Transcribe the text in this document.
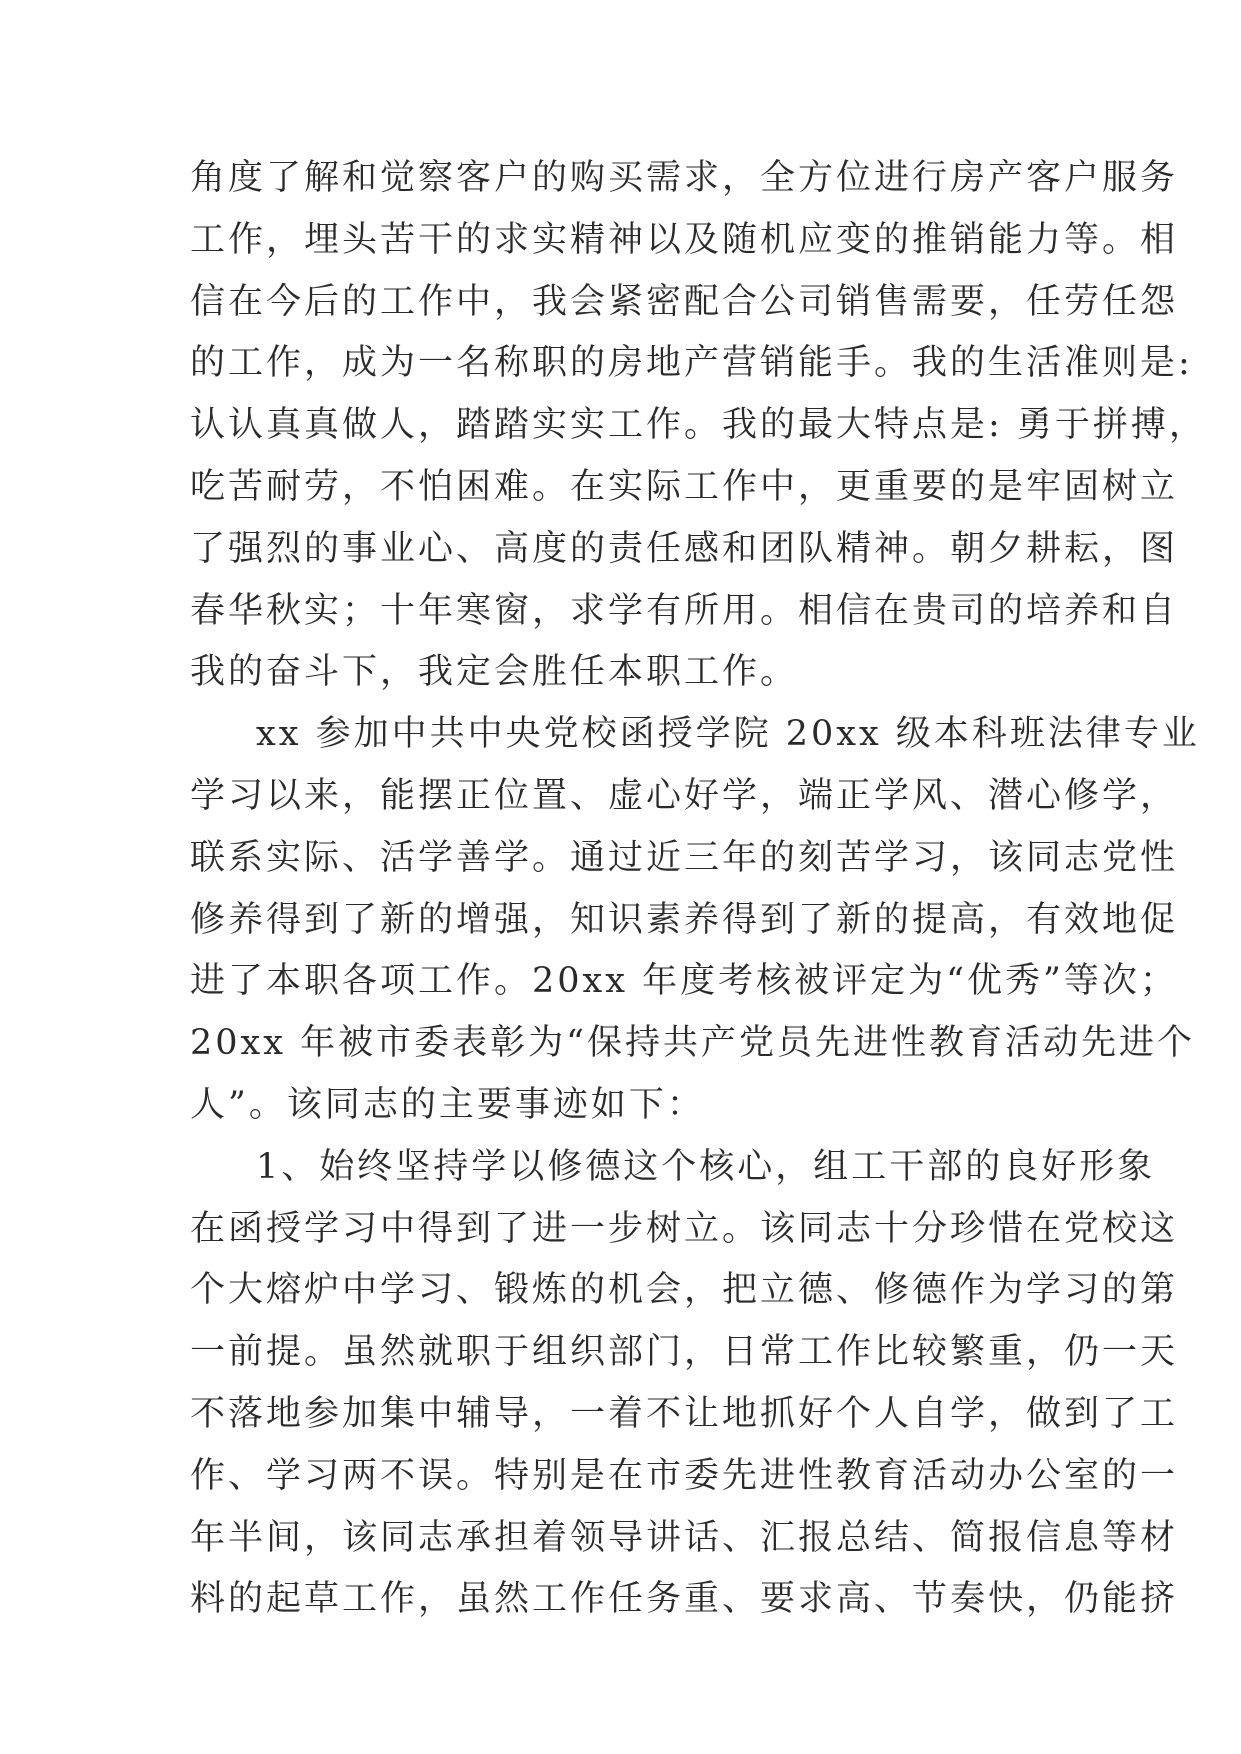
角度了解和觉察客户的购买需求，全方位进行房产客户服务
工作，埋头苦干的求实精神以及随机应变的推销能力等。相
信在今后的工作中，我会紧密配合公司销售需要，任劳任怨
的工作，成为一名称职的房地产营销能手。我的生活准则是:
认认真真做人，踏踏实实工作。我的最大特点是: 勇于拼搏，
吃苦耐劳，不怕困难。在实际工作中，更重要的是牢固树立
了强烈的事业心、高度的责任感和团队精神。朝夕耕耘，图
春华秋实；十年寒窗，求学有所用。相信在贵司的培养和自
我的奋斗下，我定会胜任本职工作。
xx 参加中共中央党校函授学院 20xx 级本科班法律专业
学习以来，能摆正位置、虚心好学，端正学风、潜心修学，
联系实际、活学善学。通过近三年的刻苦学习，该同志党性
修养得到了新的增强，知识素养得到了新的提高，有效地促
进了本职各项工作。20xx 年度考核被评定为“优秀”等次；
20xx 年被市委表彰为“保持共产党员先进性教育活动先进个
人”。该同志的主要事迹如下：
1、始终坚持学以修德这个核心，组工干部的良好形象
在函授学习中得到了进一步树立。该同志十分珍惜在党校这
个大熔炉中学习、锻炼的机会，把立德、修德作为学习的第
一前提。虽然就职于组织部门，日常工作比较繁重，仍一天
不落地参加集中辅导，一着不让地抓好个人自学，做到了工
作、学习两不误。特别是在市委先进性教育活动办公室的一
年半间，该同志承担着领导讲话、汇报总结、简报信息等材
料的起草工作，虽然工作任务重、要求高、节奏快，仍能挤
